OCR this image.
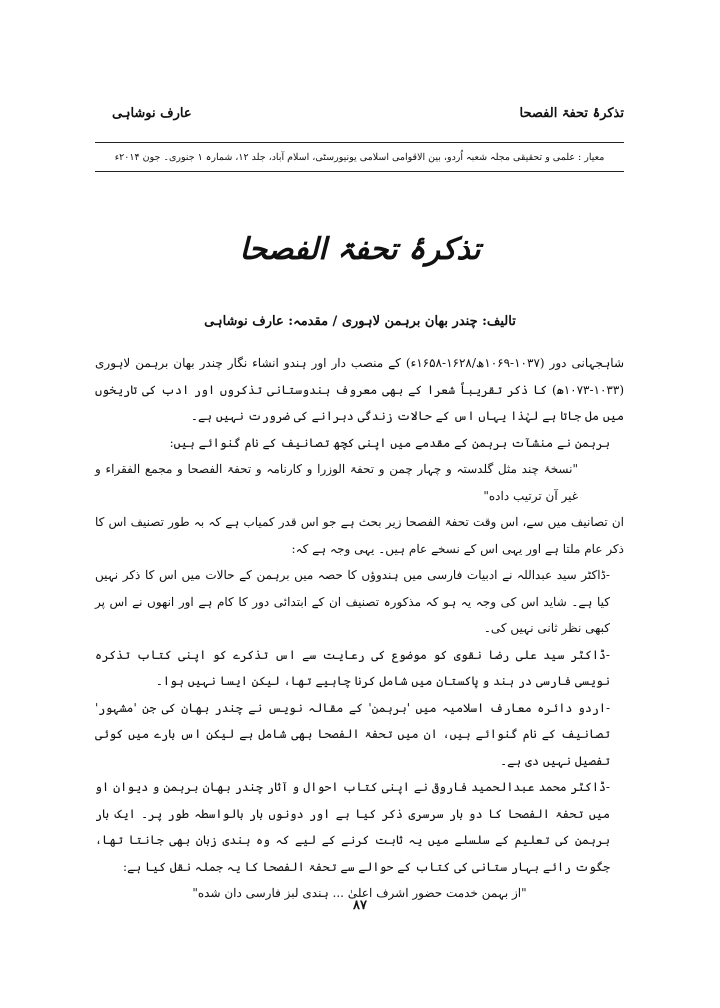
تذکرۂ تحفۃ الفصحا
عارف نوشاہی
معیار : علمی و تحقیقی مجلہ شعبہ اُردو، بین الاقوامی اسلامی یونیورسٹی، اسلام آباد، جلد ۱۲، شمارہ ۱ جنوری۔ جون ۲۰۱۴ء
تذکرۂ تحفۃ الفصحا
تالیف: چندر بھان برہمن لاہوری / مقدمہ: عارف نوشاہی

شاہجہانی دور (۱۰۳۷-۱۰۶۹ھ/۱۶۲۸-۱۶۵۸ء) کے منصب دار اور ہندو انشاء نگار چندر بھان برہمن لاہوری (۱۰۳۳-۱۰۷۳ھ) کا ذکر تقریباً شعرا کے بھی معروف ہندوستانی تذکروں اور ادب کی تاریخوں میں مل جاتا ہے لہٰذا یہاں اس کے حالات زندگی دہرانے کی ضرورت نہیں ہے۔

برہمن نے منشآت برہمن کے مقدمے میں اپنی کچھ تصانیف کے نام گنوائے ہیں:

"نسخۂ چند مثل گلدستہ و چہار چمن و تحفۃ الوزرا و کارنامہ و تحفۃ الفصحا و مجمع الفقراء و غیر آن ترتیب داده"

ان تصانیف میں سے، اس وقت تحفۃ الفصحا زیر بحث ہے جو اس قدر کمیاب ہے کہ بہ طور تصنیف اس کا ذکر عام ملتا ہے اور یہی اس کے نسخے عام ہیں۔ یہی وجہ ہے کہ:

-ڈاکٹر سید عبداللہ نے ادبیات فارسی میں ہندوؤں کا حصہ میں برہمن کے حالات میں اس کا ذکر نہیں کیا ہے۔ شاید اس کی وجہ یہ ہو کہ مذکورہ تصنیف ان کے ابتدائی دور کا کام ہے اور انھوں نے اس پر کبھی نظر ثانی نہیں کی۔

-ڈاکٹر سید علی رضا نقوی کو موضوع کی رعایت سے اس تذکرے کو اپنی کتاب تذکرہ نویسی فارسی در ہند و پاکستان میں شامل کرنا چاہیے تھا، لیکن ایسا نہیں ہوا۔

-اردو دائرہ معارف اسلامیہ میں 'برہمن' کے مقالہ نویس نے چندر بھان کی جن 'مشہور' تصانیف کے نام گنوائے ہیں، ان میں تحفۃ الفصحا بھی شامل ہے لیکن اس بارے میں کوئی تفصیل نہیں دی ہے۔

-ڈاکٹر محمد عبدالحمید فاروقی نے اپنی کتاب احوال و آثار چندر بھان برہمن و دیوان او میں تحفۃ الفصحا کا دو بار سرسری ذکر کیا ہے اور دونوں بار بالواسطہ طور پر۔ ایک بار برہمن کی تعلیم کے سلسلے میں یہ ثابت کرنے کے لیے کہ وہ ہندی زبان بھی جانتا تھا، جگوت رائے بہار ستانی کی کتاب کے حوالے سے تحفۃ الفصحا کا یہ جملہ نقل کیا ہے:

"از بہمن خدمت حضور اشرف اعلیٰ ... ہندی لبز فارسی دان شده"

۸۷
